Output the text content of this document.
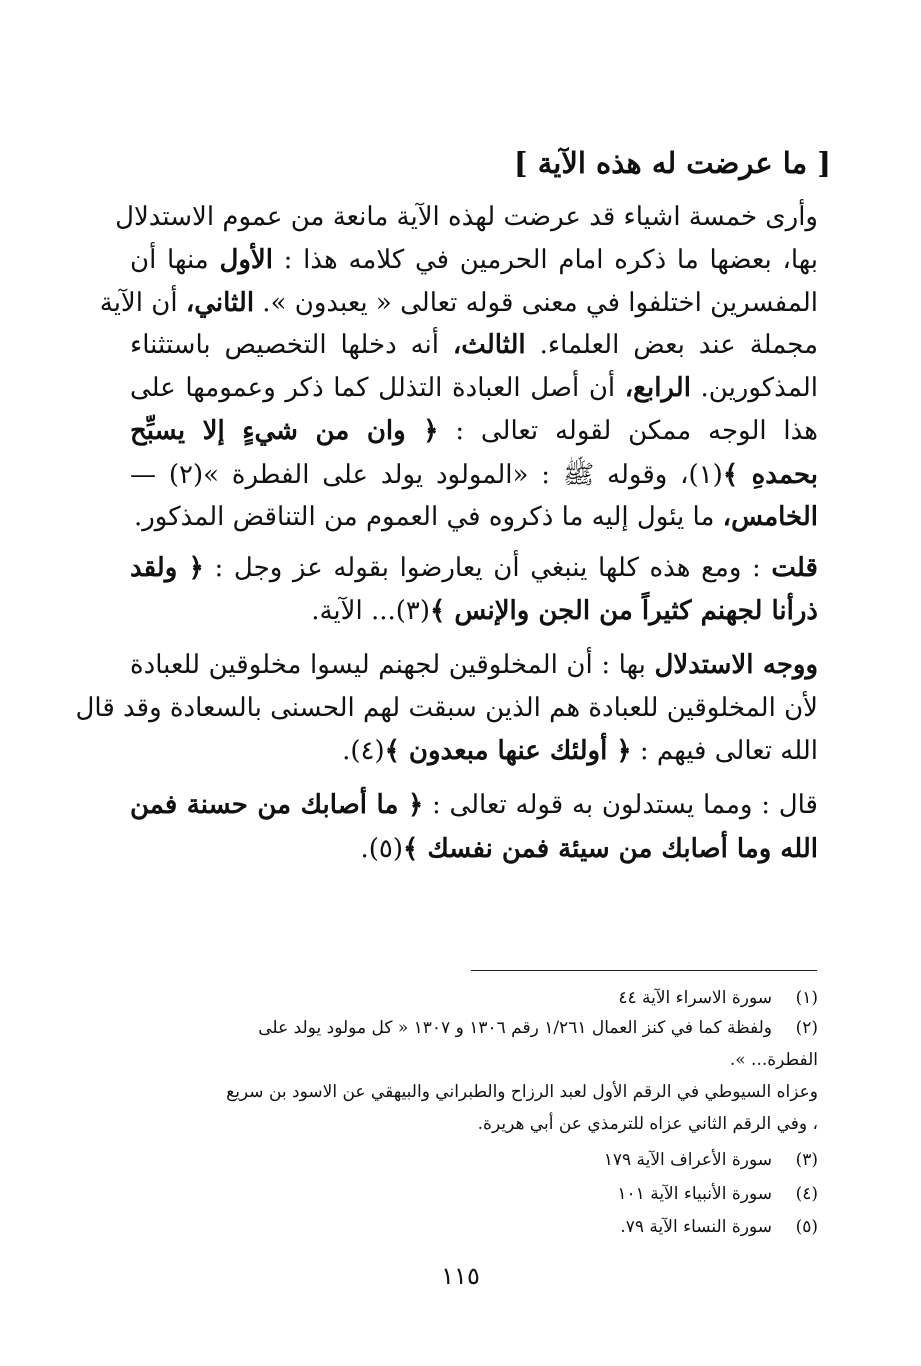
[ ما عرضت له هذه الآية ]
وأرى خمسة اشياء قد عرضت لهذه الآية مانعة من عموم الاستدلال
بها، بعضها ما ذكره امام الحرمين في كلامه هذا : الأول منها أن
المفسرين اختلفوا في معنى قوله تعالى « يعبدون ». الثاني، أن الآية
مجملة عند بعض العلماء. الثالث، أنه دخلها التخصيص باستثناء
المذكورين. الرابع، أن أصل العبادة التذلل كما ذكر وعمومها على
هذا الوجه ممكن لقوله تعالى : ﴿ وان من شيءٍ إلا يسبِّح
بحمدهِ ﴾(١)، وقوله ﷺ : «المولود يولد على الفطرة »(٢) —
الخامس، ما يئول إليه ما ذكروه في العموم من التناقض المذكور.
قلت : ومع هذه كلها ينبغي أن يعارضوا بقوله عز وجل : ﴿ ولقد
ذرأنا لجهنم كثيراً من الجن والإنس ﴾(٣)... الآية.
ووجه الاستدلال بها : أن المخلوقين لجهنم ليسوا مخلوقين للعبادة
لأن المخلوقين للعبادة هم الذين سبقت لهم الحسنى بالسعادة وقد قال
الله تعالى فيهم : ﴿ أولئك عنها مبعدون ﴾(٤).
قال : ومما يستدلون به قوله تعالى : ﴿ ما أصابك من حسنة فمن
الله وما أصابك من سيئة فمن نفسك ﴾(٥).
(١)سورة الاسراء الآية ٤٤
(٢)ولفظة كما في كنز العمال ١/٢٦١ رقم ١٣٠٦ و ١٣٠٧ « كل مولود يولد على
الفطرة... ».
وعزاه السيوطي في الرقم الأول لعبد الرزاح والطبراني والبيهقي عن الاسود بن سريع
، وفي الرقم الثاني عزاه للترمذي عن أبي هريرة.
(٣)سورة الأعراف الآية ١٧٩
(٤)سورة الأنبياء الآية ١٠١
(٥)سورة النساء الآية ٧٩.
١١٥
